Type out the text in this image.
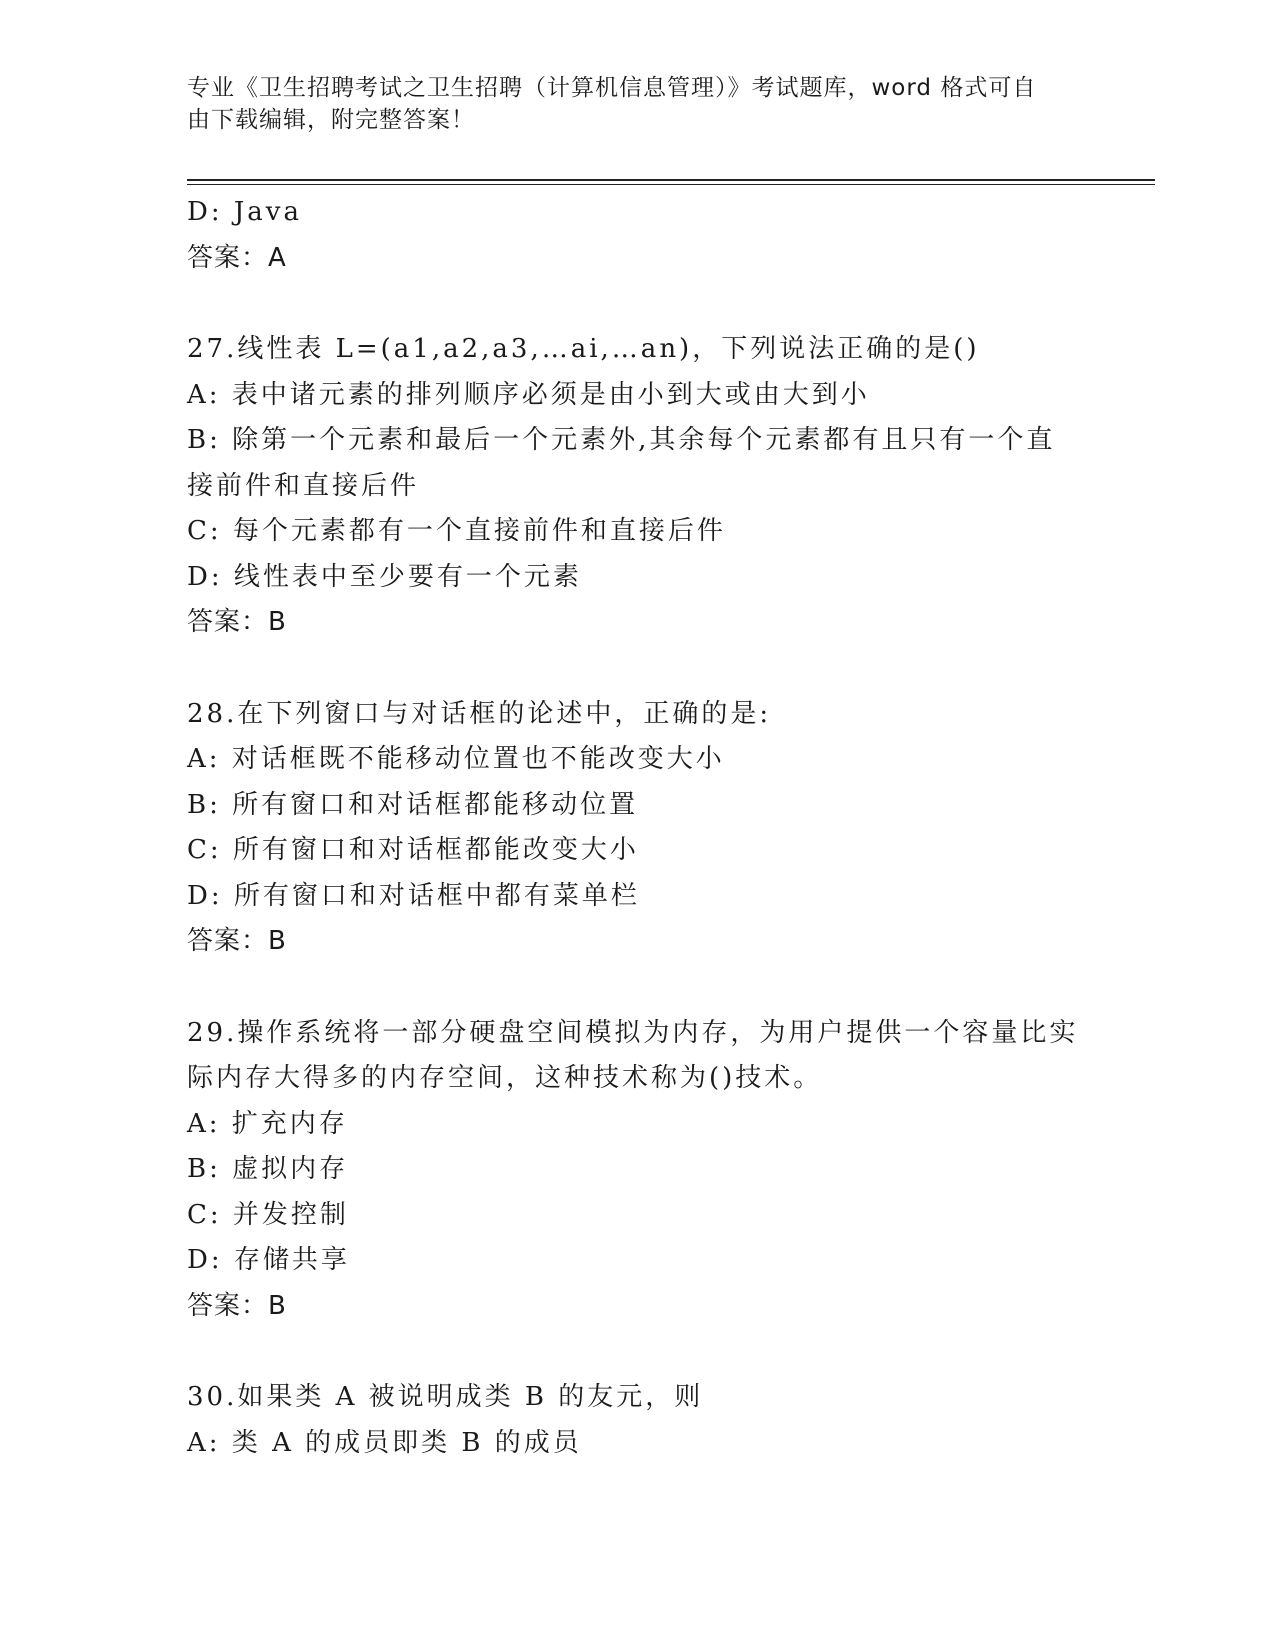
专业《卫生招聘考试之卫生招聘（计算机信息管理）》考试题库，word 格式可自
由下载编辑，附完整答案！

D: Java

答案：A

27.线性表 L=(a1,a2,a3,…ai,…an)，下列说法正确的是()

A: 表中诸元素的排列顺序必须是由小到大或由大到小

B: 除第一个元素和最后一个元素外,其余每个元素都有且只有一个直

接前件和直接后件

C: 每个元素都有一个直接前件和直接后件

D: 线性表中至少要有一个元素

答案：B

28.在下列窗口与对话框的论述中，正确的是:

A: 对话框既不能移动位置也不能改变大小

B: 所有窗口和对话框都能移动位置

C: 所有窗口和对话框都能改变大小

D: 所有窗口和对话框中都有菜单栏

答案：B

29.操作系统将一部分硬盘空间模拟为内存，为用户提供一个容量比实

际内存大得多的内存空间，这种技术称为()技术。

A: 扩充内存

B: 虚拟内存

C: 并发控制

D: 存储共享

答案：B

30.如果类 A 被说明成类 B 的友元，则

A: 类 A 的成员即类 B 的成员
